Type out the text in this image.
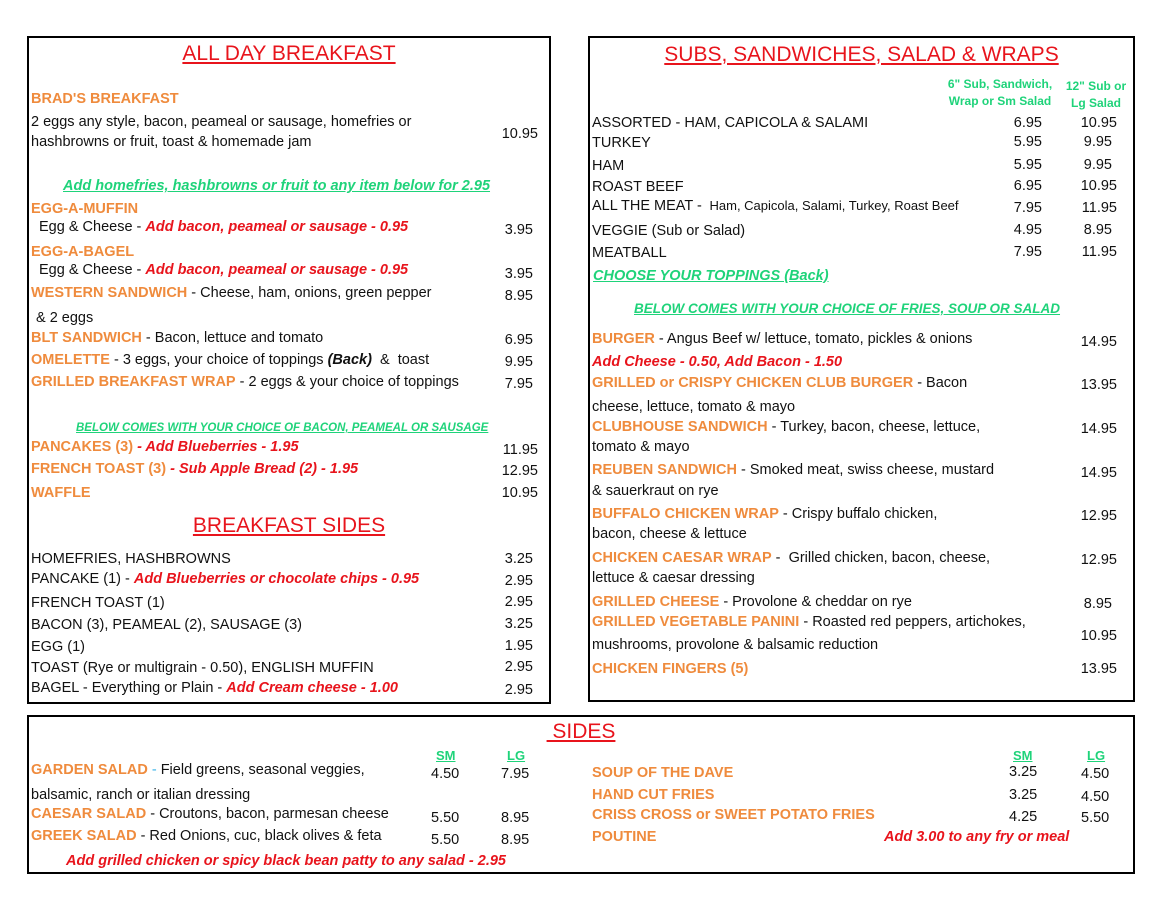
ALL DAY BREAKFAST
BRAD'S BREAKFAST
2 eggs any style, bacon, peameal or sausage, homefries or
hashbrowns or fruit, toast & homemade jam	10.95
Add homefries, hashbrowns or fruit to any item below for 2.95
EGG-A-MUFFIN
Egg & Cheese - Add bacon, peameal or sausage - 0.95	3.95
EGG-A-BAGEL
Egg & Cheese - Add bacon, peameal or sausage - 0.95	3.95
WESTERN SANDWICH - Cheese, ham, onions, green pepper
& 2 eggs
8.95
BLT SANDWICH - Bacon, lettuce and tomato	6.95
OMELETTE - 3 eggs, your choice of toppings (Back)  &  toast	9.95
GRILLED BREAKFAST WRAP - 2 eggs & your choice of toppings	7.95
BELOW COMES WITH YOUR CHOICE OF BACON, PEAMEAL OR SAUSAGE
PANCAKES (3) - Add Blueberries - 1.95	11.95
FRENCH TOAST (3) - Sub Apple Bread (2) - 1.95	12.95
WAFFLE	10.95
BREAKFAST SIDES
HOMEFRIES, HASHBROWNS	3.25
PANCAKE (1) - Add Blueberries or chocolate chips - 0.95	2.95
FRENCH TOAST (1)	2.95
BACON (3), PEAMEAL (2), SAUSAGE (3)	3.25
EGG (1)	1.95
TOAST (Rye or multigrain - 0.50), ENGLISH MUFFIN	2.95
BAGEL - Everything or Plain - Add Cream cheese - 1.00	2.95
SUBS, SANDWICHES, SALAD & WRAPS
6" Sub, Sandwich,
Wrap or Sm Salad
12" Sub or
Lg Salad
ASSORTED - HAM, CAPICOLA & SALAMI	6.95	10.95
TURKEY	5.95	9.95
HAM	5.95	9.95
ROAST BEEF	6.95	10.95
ALL THE MEAT -  Ham, Capicola, Salami, Turkey, Roast Beef	7.95	11.95
VEGGIE (Sub or Salad)	4.95	8.95
MEATBALL	7.95	11.95
CHOOSE YOUR TOPPINGS (Back)
BELOW COMES WITH YOUR CHOICE OF FRIES, SOUP OR SALAD
BURGER - Angus Beef w/ lettuce, tomato, pickles & onions	14.95
Add Cheese - 0.50, Add Bacon - 1.50
GRILLED or CRISPY CHICKEN CLUB BURGER - Bacon
cheese, lettuce, tomato & mayo
13.95
CLUBHOUSE SANDWICH - Turkey, bacon, cheese, lettuce,
tomato & mayo
14.95
REUBEN SANDWICH - Smoked meat, swiss cheese, mustard
& sauerkraut on rye
14.95
BUFFALO CHICKEN WRAP - Crispy buffalo chicken,
bacon, cheese & lettuce
12.95
CHICKEN CAESAR WRAP -  Grilled chicken, bacon, cheese,
lettuce & caesar dressing
12.95
GRILLED CHEESE - Provolone & cheddar on rye	8.95
GRILLED VEGETABLE PANINI - Roasted red peppers, artichokes,
mushrooms, provolone & balsamic reduction
10.95
CHICKEN FINGERS (5)	13.95
SIDES
SM	LG	SM	LG
GARDEN SALAD - Field greens, seasonal veggies,
balsamic, ranch or italian dressing
4.50	7.95
CAESAR SALAD - Croutons, bacon, parmesan cheese	5.50	8.95
GREEK SALAD - Red Onions, cuc, black olives & feta	5.50	8.95
Add grilled chicken or spicy black bean patty to any salad - 2.95
SOUP OF THE DAVE	3.25	4.50
HAND CUT FRIES	3.25	4.50
CRISS CROSS or SWEET POTATO FRIES	4.25	5.50
POUTINE	Add 3.00 to any fry or meal
